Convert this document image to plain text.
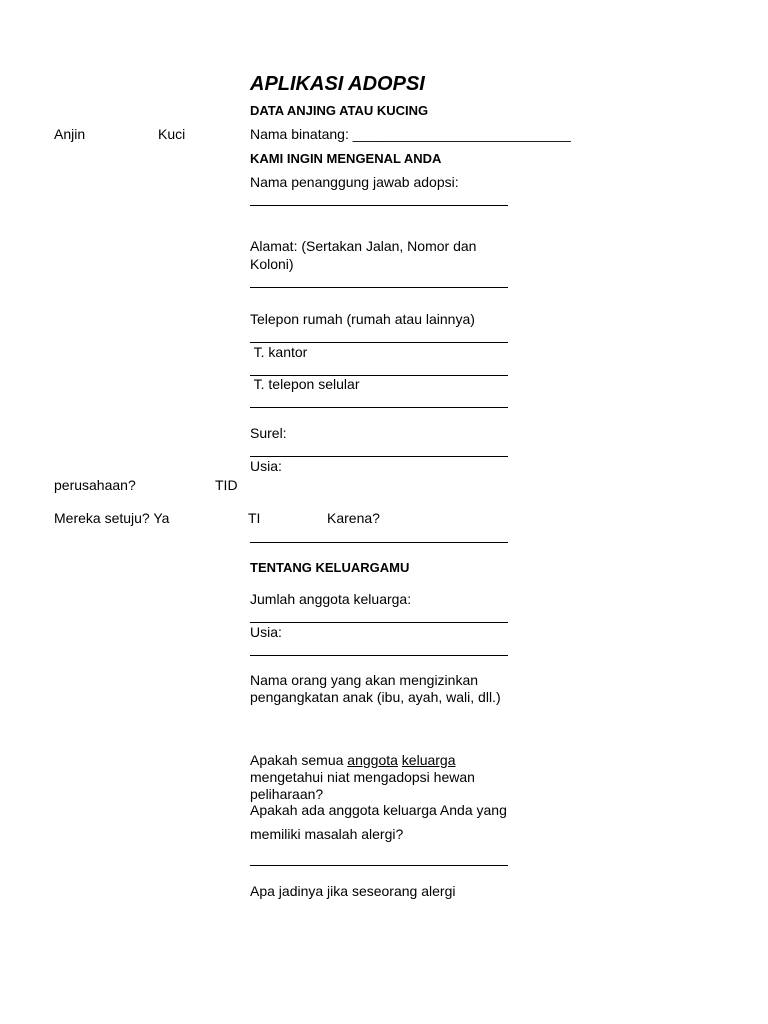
APLIKASI ADOPSI
DATA ANJING ATAU KUCING
Anjin	Kuci	Nama binatang: ____________________________
KAMI INGIN MENGENAL ANDA
Nama penanggung jawab adopsi:
Alamat: (Sertakan Jalan, Nomor dan
Koloni)
Telepon rumah (rumah atau lainnya)
T. kantor
T. telepon selular
Surel:
Usia:
perusahaan?	TID
Mereka setuju? Ya	TI	Karena?
TENTANG KELUARGAMU
Jumlah anggota keluarga:
Usia:
Nama orang yang akan mengizinkan
pengangkatan anak (ibu, ayah, wali, dll.)
Apakah semua anggota keluarga
mengetahui niat mengadopsi hewan
peliharaan?
Apakah ada anggota keluarga Anda yang
memiliki masalah alergi?
Apa jadinya jika seseorang alergi
